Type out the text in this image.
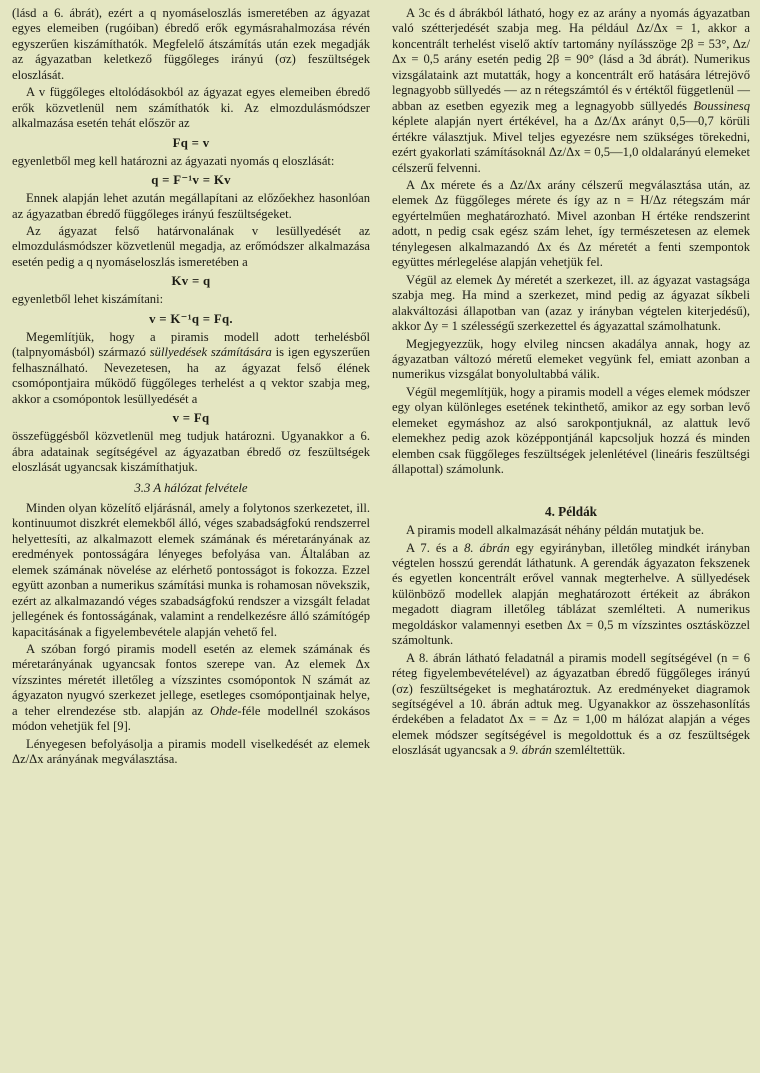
(lásd a 6. ábrát), ezért a q nyomáseloszlás ismeretében az ágyazat egyes elemeiben (rugóiban) ébredő erők egymásrahalmozása révén egyszerűen kiszámíthatók. Megfelelő átszámítás után ezek megadják az ágyazatban keletkező függőleges irányú (σz) feszültségek eloszlását.

A v függőleges eltolódásokból az ágyazat egyes elemeiben ébredő erők közvetlenül nem számíthatók ki. Az elmozdulásmódszer alkalmazása esetén tehát először az

Fq = v

egyenletből meg kell határozni az ágyazati nyomás q eloszlását:

q = F⁻¹v = Kv

Ennek alapján lehet azután megállapítani az előzőekhez hasonlóan az ágyazatban ébredő függőleges irányú feszültségeket.

Az ágyazat felső határvonalának v lesüllyedését az elmozdulásmódszer közvetlenül megadja, az erőmódszer alkalmazása esetén pedig a q nyomáseloszlás ismeretében a

Kv = q

egyenletből lehet kiszámítani:

v = K⁻¹q = Fq.

Megemlítjük, hogy a piramis modell adott terhelésből (talpnyomásból) származó süllyedések számítására is igen egyszerűen felhasználható. Nevezetesen, ha az ágyazat felső élének csomópontjaira működő függőleges terhelést a q vektor szabja meg, akkor a csomópontok lesüllyedését a

v = Fq

összefüggésből közvetlenül meg tudjuk határozni. Ugyanakkor a 6. ábra adatainak segítségével az ágyazatban ébredő σz feszültségek eloszlását ugyancsak kiszámíthatjuk.

3.3 A hálózat felvétele

Minden olyan közelítő eljárásnál, amely a folytonos szerkezetet, ill. kontinuumot diszkrét elemekből álló, véges szabadságfokú rendszerrel helyettesíti, az alkalmazott elemek számának és méretarányának az eredmények pontosságára lényeges befolyása van. Általában az elemek számának növelése az elérhető pontosságot is fokozza. Ezzel együtt azonban a numerikus számítási munka is rohamosan növekszik, ezért az alkalmazandó véges szabadságfokú rendszer a vizsgált feladat jellegének és fontosságának, valamint a rendelkezésre álló számítógép kapacitásának a figyelembevétele alapján vehető fel.

A szóban forgó piramis modell esetén az elemek számának és méretarányának ugyancsak fontos szerepe van. Az elemek Δx vízszintes méretét illetőleg a vízszintes csomópontok N számát az ágyazaton nyugvó szerkezet jellege, esetleges csomópontjainak helye, a teher elrendezése stb. alapján az Ohde-féle modellnél szokásos módon vehetjük fel [9].

Lényegesen befolyásolja a piramis modell viselkedését az elemek Δz/Δx arányának megválasztása.

A 3c és d ábrákból látható, hogy ez az arány a nyomás ágyazatban való szétterjedését szabja meg. Ha például Δz/Δx = 1, akkor a koncentrált terhelést viselő aktív tartomány nyílásszöge 2β = 53°, Δz/Δx = 0,5 arány esetén pedig 2β = 90° (lásd a 3d ábrát). Numerikus vizsgálataink azt mutatták, hogy a koncentrált erő hatására létrejövő legnagyobb süllyedés — az n rétegszámtól és ν értéktől függetlenül — abban az esetben egyezik meg a legnagyobb süllyedés Boussinesq képlete alapján nyert értékével, ha a Δz/Δx arányt 0,5—0,7 körüli értékre választjuk. Mivel teljes egyezésre nem szükséges törekedni, ezért gyakorlati számításoknál Δz/Δx = 0,5—1,0 oldalarányú elemeket célszerű felvenni.

A Δx mérete és a Δz/Δx arány célszerű megválasztása után, az elemek Δz függőleges mérete és így az n = H/Δz rétegszám már egyértelműen meghatározható. Mivel azonban H értéke rendszerint adott, n pedig csak egész szám lehet, így természetesen az elemek ténylegesen alkalmazandó Δx és Δz méretét a fenti szempontok együttes mérlegelése alapján vehetjük fel.

Végül az elemek Δy méretét a szerkezet, ill. az ágyazat vastagsága szabja meg. Ha mind a szerkezet, mind pedig az ágyazat síkbeli alakváltozási állapotban van (azaz y irányban végtelen kiterjedésű), akkor Δy = 1 szélességű szerkezettel és ágyazattal számolhatunk.

Megjegyezzük, hogy elvileg nincsen akadálya annak, hogy az ágyazatban változó méretű elemeket vegyünk fel, emiatt azonban a numerikus vizsgálat bonyolultabbá válik.

Végül megemlítjük, hogy a piramis modell a véges elemek módszer egy olyan különleges esetének tekinthető, amikor az egy sorban levő elemeket egymáshoz az alsó sarokpontjuknál, az alattuk levő elemekhez pedig azok középpontjánál kapcsoljuk hozzá és minden elemben csak függőleges feszültségek jelenlétével (lineáris feszültségi állapottal) számolunk.

4. Példák

A piramis modell alkalmazását néhány példán mutatjuk be.

A 7. és a 8. ábrán egy egyirányban, illetőleg mindkét irányban végtelen hosszú gerendát láthatunk. A gerendák ágyazaton fekszenek és egyetlen koncentrált erővel vannak megterhelve. A süllyedések különböző modellek alapján meghatározott értékeit az ábrákon megadott diagram illetőleg táblázat szemlélteti. A numerikus megoldáskor valamennyi esetben Δx = 0,5 m vízszintes osztásközzel számoltunk.

A 8. ábrán látható feladatnál a piramis modell segítségével (n = 6 réteg figyelembevételével) az ágyazatban ébredő függőleges irányú (σz) feszültségeket is meghatároztuk. Az eredményeket diagramok segítségével a 10. ábrán adtuk meg. Ugyanakkor az összehasonlítás érdekében a feladatot Δx = = Δz = 1,00 m hálózat alapján a véges elemek módszer segítségével is megoldottuk és a σz feszültségek eloszlását ugyancsak a 9. ábrán szemléltettük.
